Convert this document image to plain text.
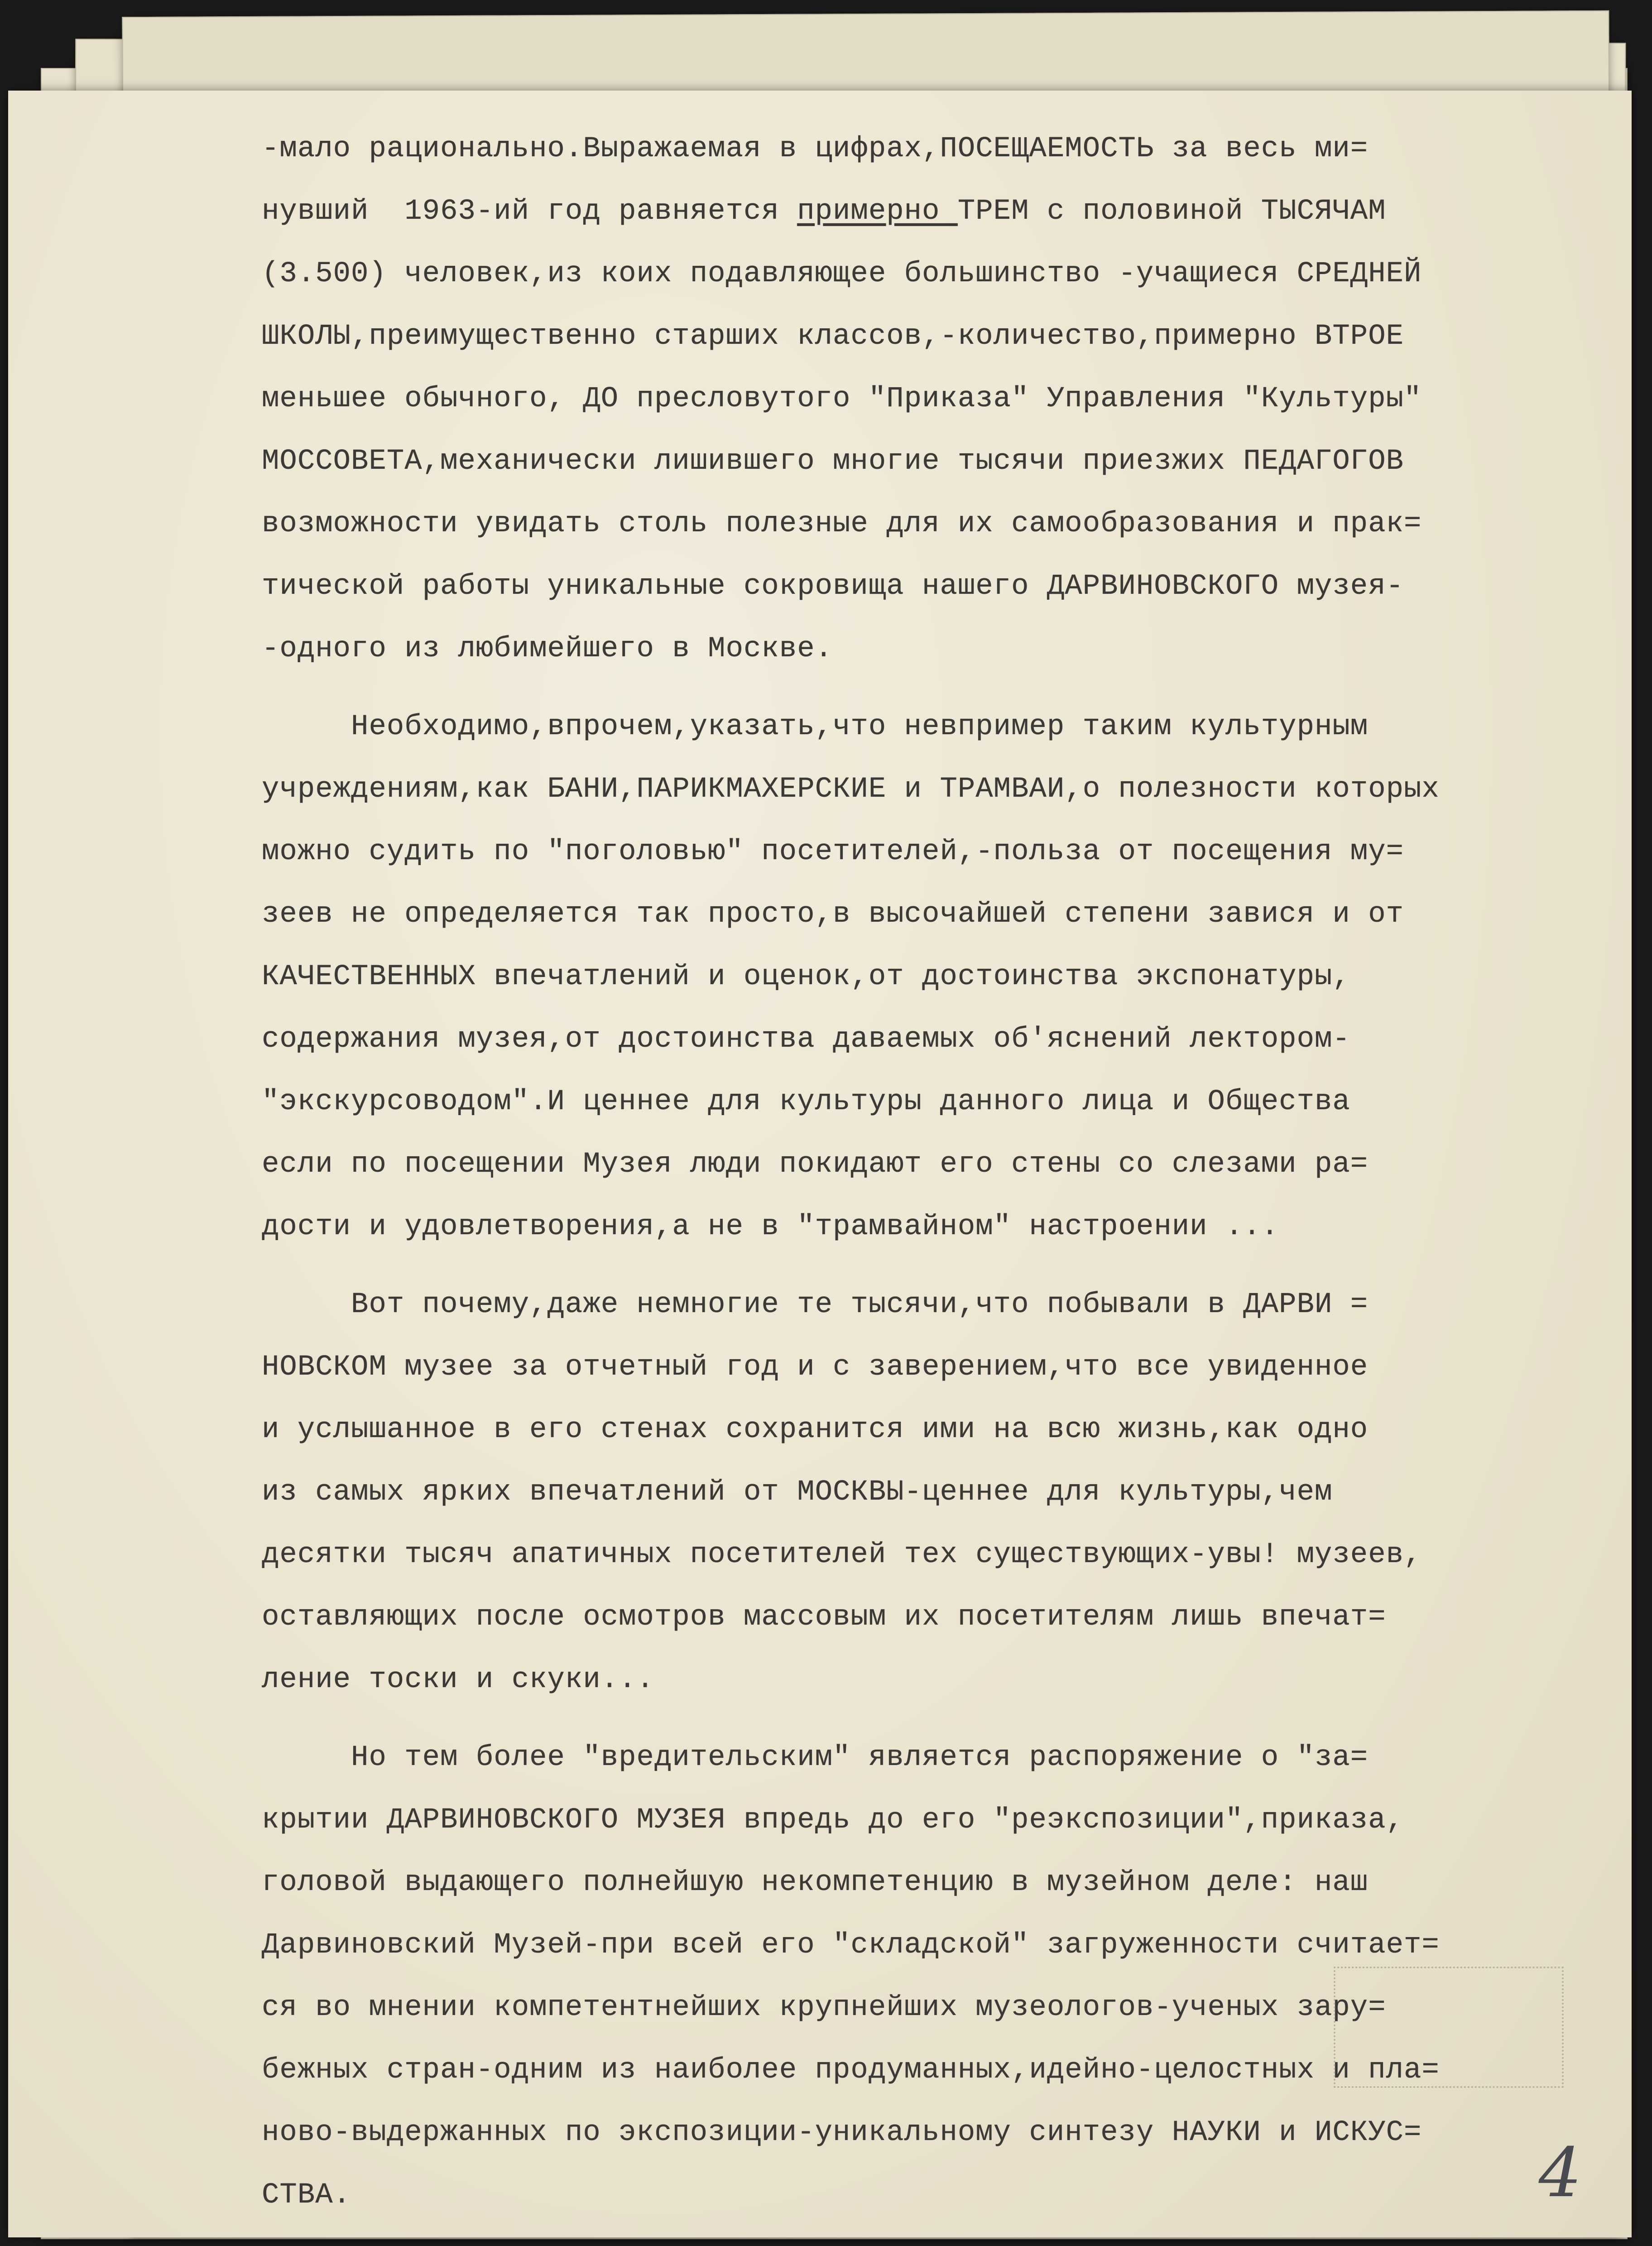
-мало рационально.Выражаемая в цифрах,ПОСЕЩАЕМОСТЬ за весь ми=
нувший  1963-ий год равняется примерно ТРЕМ с половиной ТЫСЯЧАМ
(3.500) человек,из коих подавляющее большинство -учащиеся СРЕДНЕЙ
ШКОЛЫ,преимущественно старших классов,-количество,примерно ВТРОЕ
меньшее обычного, ДО пресловутого "Приказа" Управления "Культуры"
МОССОВЕТА,механически лишившего многие тысячи приезжих ПЕДАГОГОВ
возможности увидать столь полезные для их самообразования и прак=
тической работы уникальные сокровища нашего ДАРВИНОВСКОГО музея-
-одного из любимейшего в Москве.
Необходимо,впрочем,указать,что невпример таким культурным
учреждениям,как БАНИ,ПАРИКМАХЕРСКИЕ и ТРАМВАИ,о полезности которых
можно судить по "поголовью" посетителей,-польза от посещения му=
зеев не определяется так просто,в высочайшей степени завися и от
КАЧЕСТВЕННЫХ впечатлений и оценок,от достоинства экспонатуры,
содержания музея,от достоинства даваемых об'яснений лектором-
"экскурсоводом".И ценнее для культуры данного лица и Общества
если по посещении Музея люди покидают его стены со слезами ра=
дости и удовлетворения,а не в "трамвайном" настроении ...
Вот почему,даже немногие те тысячи,что побывали в ДАРВИ =
НОВСКОМ музее за отчетный год и с заверением,что все увиденное
и услышанное в его стенах сохранится ими на всю жизнь,как одно
из самых ярких впечатлений от МОСКВЫ-ценнее для культуры,чем
десятки тысяч апатичных посетителей тех существующих-увы! музеев,
оставляющих после осмотров массовым их посетителям лишь впечат=
ление тоски и скуки...
Но тем более "вредительским" является распоряжение о "за=
крытии ДАРВИНОВСКОГО МУЗЕЯ впредь до его "реэкспозиции",приказа,
головой выдающего полнейшую некомпетенцию в музейном деле: наш
Дарвиновский Музей-при всей его "складской" загруженности считает=
ся во мнении компетентнейших крупнейших музеологов-ученых зару=
бежных стран-одним из наиболее продуманных,идейно-целостных и пла=
ново-выдержанных по экспозиции-уникальному синтезу НАУКИ и ИСКУС=
СТВА.	4
